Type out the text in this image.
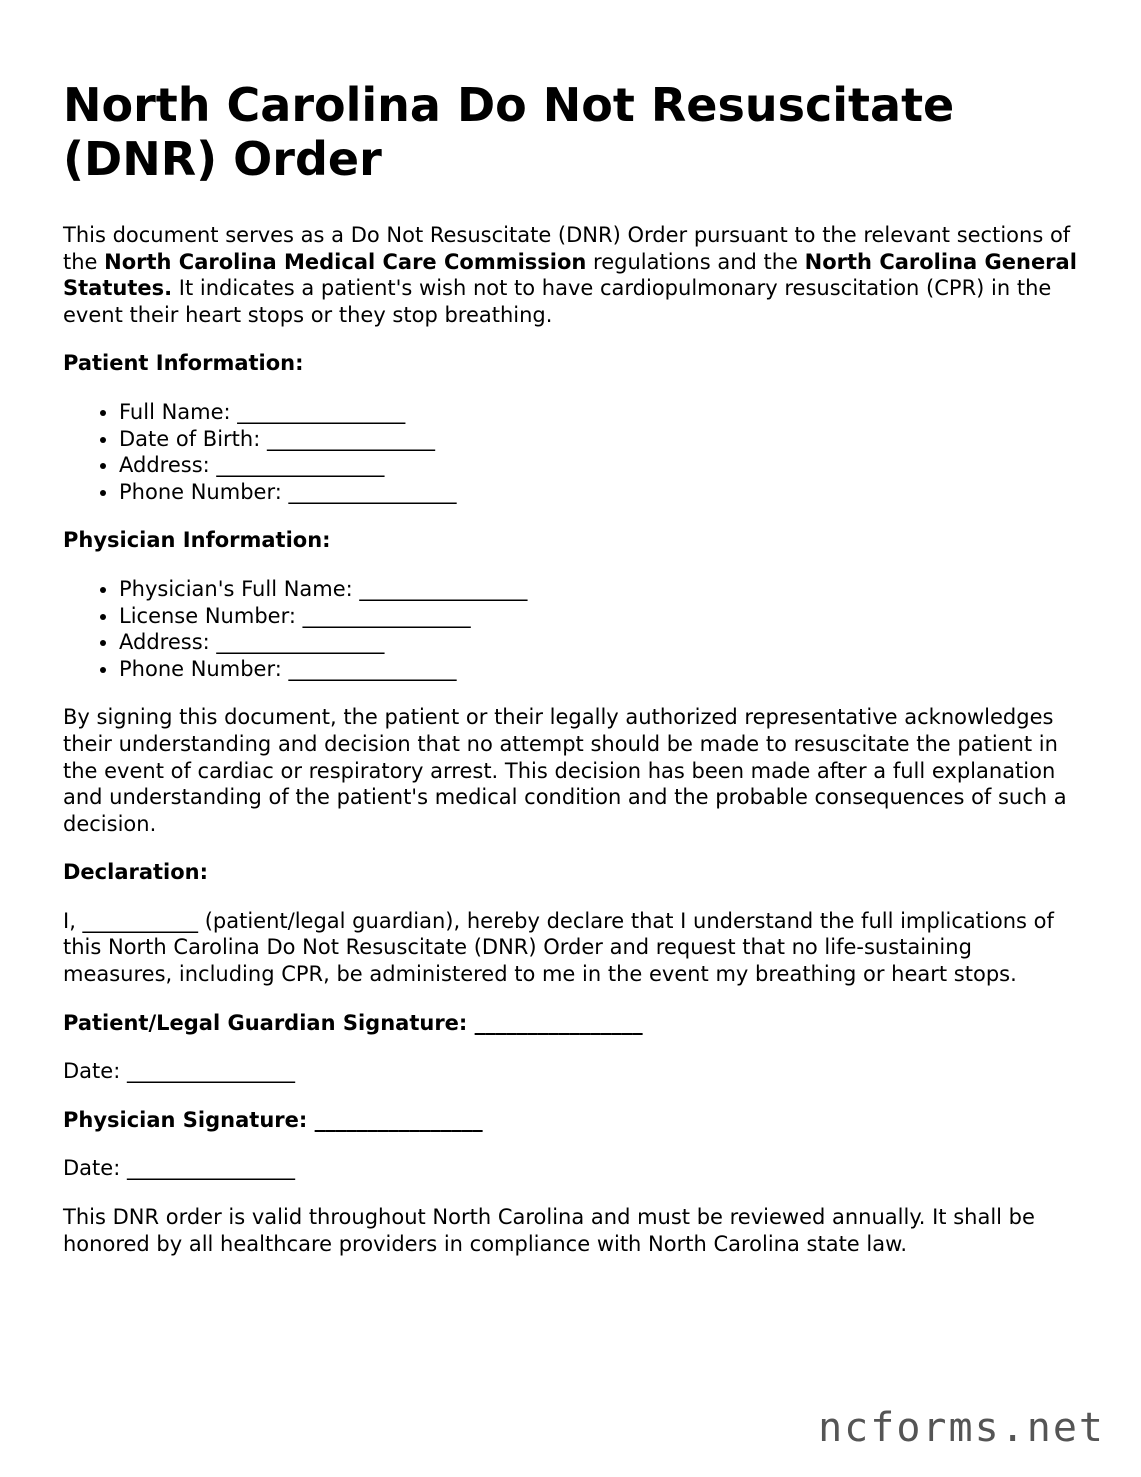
North Carolina Do Not Resuscitate (DNR) Order

This document serves as a Do Not Resuscitate (DNR) Order pursuant to the relevant sections of the North Carolina Medical Care Commission regulations and the North Carolina General Statutes. It indicates a patient's wish not to have cardiopulmonary resuscitation (CPR) in the event their heart stops or they stop breathing.

Patient Information:
• Full Name: ________________
• Date of Birth: ________________
• Address: ________________
• Phone Number: ________________
Physician Information:
• Physician's Full Name: ________________
• License Number: ________________
• Address: ________________
• Phone Number: ________________

By signing this document, the patient or their legally authorized representative acknowledges their understanding and decision that no attempt should be made to resuscitate the patient in the event of cardiac or respiratory arrest. This decision has been made after a full explanation and understanding of the patient's medical condition and the probable consequences of such a decision.

Declaration:

I, ___________ (patient/legal guardian), hereby declare that I understand the full implications of this North Carolina Do Not Resuscitate (DNR) Order and request that no life-sustaining measures, including CPR, be administered to me in the event my breathing or heart stops.

Patient/Legal Guardian Signature: ________________

Date: ________________

Physician Signature: ________________

Date: ________________

This DNR order is valid throughout North Carolina and must be reviewed annually. It shall be honored by all healthcare providers in compliance with North Carolina state law.

ncforms.net
